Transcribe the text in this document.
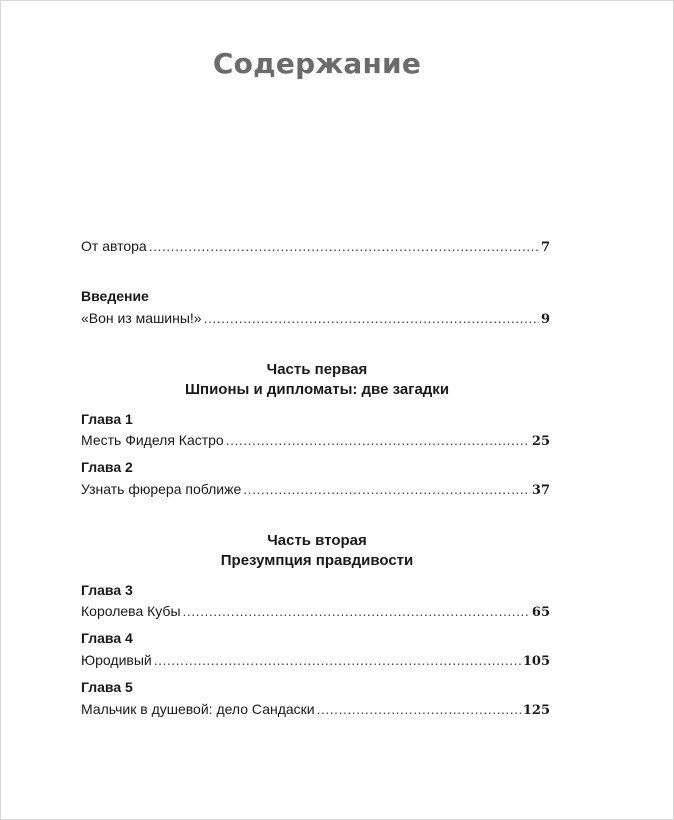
Содержание
От автора .....	7
Введение
«Вон из машины!» .....	9
Часть первая
Шпионы и дипломаты: две загадки
Глава 1
Месть Фиделя Кастро .....	25
Глава 2
Узнать фюрера поближе .....	37
Часть вторая
Презумпция правдивости
Глава 3
Королева Кубы .....	65
Глава 4
Юродивый .....	105
Глава 5
Мальчик в душевой: дело Сандаски .....	125
